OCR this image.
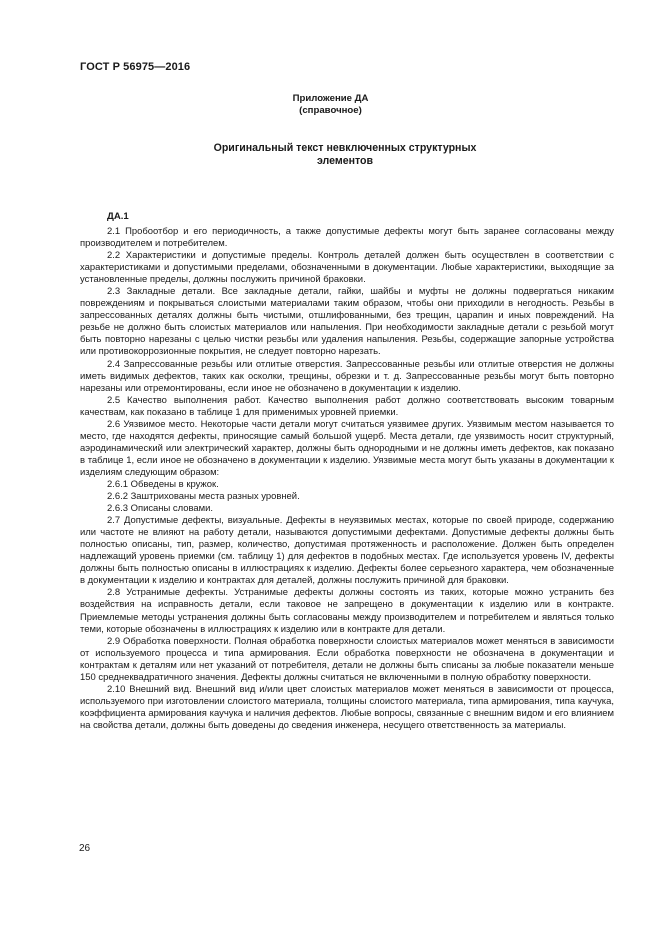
ГОСТ Р 56975—2016
Приложение ДА
(справочное)
Оригинальный текст невключенных структурных
элементов
ДА.1

2.1 Пробоотбор и его периодичность, а также допустимые дефекты могут быть заранее согласованы между производителем и потребителем.

2.2 Характеристики и допустимые пределы. Контроль деталей должен быть осуществлен в соответствии с характеристиками и допустимыми пределами, обозначенными в документации. Любые характеристики, выходящие за установленные пределы, должны послужить причиной браковки.

2.3 Закладные детали. Все закладные детали, гайки, шайбы и муфты не должны подвергаться никаким повреждениям и покрываться слоистыми материалами таким образом, чтобы они приходили в негодность. Резьбы в запрессованных деталях должны быть чистыми, отшлифованными, без трещин, царапин и иных повреждений. На резьбе не должно быть слоистых материалов или напыления. При необходимости закладные детали с резьбой могут быть повторно нарезаны с целью чистки резьбы или удаления напыления. Резьбы, содержащие запорные устройства или противокоррозионные покрытия, не следует повторно нарезать.

2.4 Запрессованные резьбы или отлитые отверстия. Запрессованные резьбы или отлитые отверстия не должны иметь видимых дефектов, таких как осколки, трещины, обрезки и т. д. Запрессованные резьбы могут быть повторно нарезаны или отремонтированы, если иное не обозначено в документации к изделию.

2.5 Качество выполнения работ. Качество выполнения работ должно соответствовать высоким товарным качествам, как показано в таблице 1 для применимых уровней приемки.

2.6 Уязвимое место. Некоторые части детали могут считаться уязвимее других. Уязвимым местом называется то место, где находятся дефекты, приносящие самый большой ущерб. Места детали, где уязвимость носит структурный, аэродинамический или электрический характер, должны быть однородными и не должны иметь дефектов, как показано в таблице 1, если иное не обозначено в документации к изделию. Уязвимые места могут быть указаны в документации к изделиям следующим образом:

2.6.1 Обведены в кружок.

2.6.2 Заштрихованы места разных уровней.

2.6.3 Описаны словами.

2.7 Допустимые дефекты, визуальные. Дефекты в неуязвимых местах, которые по своей природе, содержанию или частоте не влияют на работу детали, называются допустимыми дефектами. Допустимые дефекты должны быть полностью описаны, тип, размер, количество, допустимая протяженность и расположение. Должен быть определен надлежащий уровень приемки (см. таблицу 1) для дефектов в подобных местах. Где используется уровень IV, дефекты должны быть полностью описаны в иллюстрациях к изделию. Дефекты более серьезного характера, чем обозначенные в документации к изделию и контрактах для деталей, должны послужить причиной для браковки.

2.8 Устранимые дефекты. Устранимые дефекты должны состоять из таких, которые можно устранить без воздействия на исправность детали, если таковое не запрещено в документации к изделию или в контракте. Приемлемые методы устранения должны быть согласованы между производителем и потребителем и являться только теми, которые обозначены в иллюстрациях к изделию или в контракте для детали.

2.9 Обработка поверхности. Полная обработка поверхности слоистых материалов может меняться в зависимости от используемого процесса и типа армирования. Если обработка поверхности не обозначена в документации и контрактам к деталям или нет указаний от потребителя, детали не должны быть списаны за любые показатели меньше 150 среднеквадратичного значения. Дефекты должны считаться не включенными в полную обработку поверхности.

2.10 Внешний вид. Внешний вид и/или цвет слоистых материалов может меняться в зависимости от процесса, используемого при изготовлении слоистого материала, толщины слоистого материала, типа армирования, типа каучука, коэффициента армирования каучука и наличия дефектов. Любые вопросы, связанные с внешним видом и его влиянием на свойства детали, должны быть доведены до сведения инженера, несущего ответственность за материалы.

26
